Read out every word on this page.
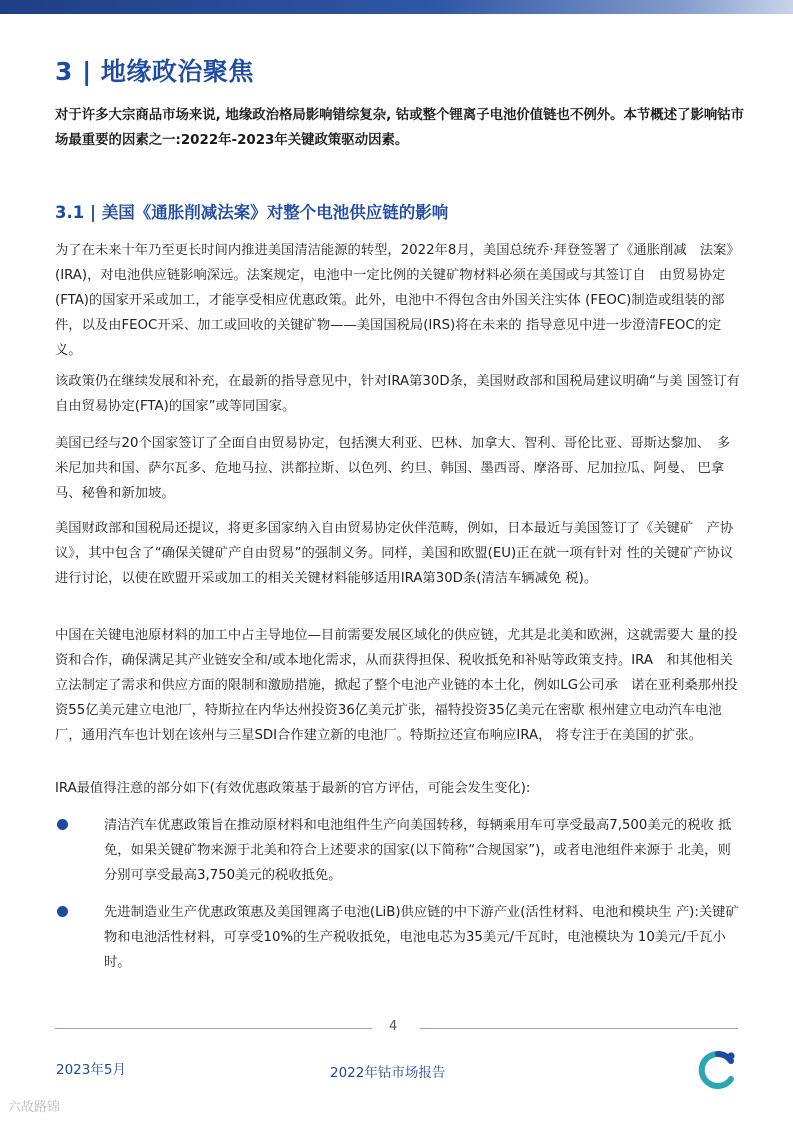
3 | 地缘政治聚焦

对于许多大宗商品市场来说, 地缘政治格局影响错综复杂, 钴或整个锂离子电池价值链也不例外。本节概述了影响钴市场最重要的因素之一:2022年-2023年关键政策驱动因素。

3.1 | 美国《通胀削减法案》对整个电池供应链的影响

为了在未来十年乃至更长时间内推进美国清洁能源的转型，2022年8月，美国总统乔·拜登签署了《通胀削减　法案》(IRA)，对电池供应链影响深远。法案规定，电池中一定比例的关键矿物材料必须在美国或与其签订自　由贸易协定(FTA)的国家开采或加工，才能享受相应优惠政策。此外，电池中不得包含由外国关注实体 (FEOC)制造或组装的部件，以及由FEOC开采、加工或回收的关键矿物——美国国税局(IRS)将在未来的 指导意见中进一步澄清FEOC的定义。

该政策仍在继续发展和补充，在最新的指导意见中，针对IRA第30D条，美国财政部和国税局建议明确“与美 国签订有自由贸易协定(FTA)的国家”或等同国家。

美国已经与20个国家签订了全面自由贸易协定，包括澳大利亚、巴林、加拿大、智利、哥伦比亚、哥斯达黎加、　多米尼加共和国、萨尔瓦多、危地马拉、洪都拉斯、以色列、约旦、韩国、墨西哥、摩洛哥、尼加拉瓜、阿曼、 巴拿马、秘鲁和新加坡。

美国财政部和国税局还提议，将更多国家纳入自由贸易协定伙伴范畴，例如，日本最近与美国签订了《关键矿　产协议》，其中包含了“确保关键矿产自由贸易”的强制义务。同样，美国和欧盟(EU)正在就一项有针对 性的关键矿产协议进行讨论，以使在欧盟开采或加工的相关关键材料能够适用IRA第30D条(清洁车辆减免 税)。

中国在关键电池原材料的加工中占主导地位—目前需要发展区域化的供应链，尤其是北美和欧洲，这就需要大 量的投资和合作，确保满足其产业链安全和/或本地化需求，从而获得担保、税收抵免和补贴等政策支持。IRA　和其他相关立法制定了需求和供应方面的限制和激励措施，掀起了整个电池产业链的本土化，例如LG公司承　诺在亚利桑那州投资55亿美元建立电池厂，特斯拉在内华达州投资36亿美元扩张，福特投资35亿美元在密歇 根州建立电动汽车电池厂，通用汽车也计划在该州与三星SDI合作建立新的电池厂。特斯拉还宣布响应IRA， 将专注于在美国的扩张。

IRA最值得注意的部分如下(有效优惠政策基于最新的官方评估，可能会发生变化):

清洁汽车优惠政策旨在推动原材料和电池组件生产向美国转移，每辆乘用车可享受最高7,500美元的税收 抵免，如果关键矿物来源于北美和符合上述要求的国家(以下简称“合规国家”)，或者电池组件来源于 北美，则分别可享受最高3,750美元的税收抵免。

先进制造业生产优惠政策惠及美国锂离子电池(LiB)供应链的中下游产业(活性材料、电池和模块生 产):关键矿物和电池活性材料，可享受10%的生产税收抵免，电池电芯为35美元/千瓦时，电池模块为 10美元/千瓦小时。

4
2023年5月	2022年钴市场报告
六故路锦
